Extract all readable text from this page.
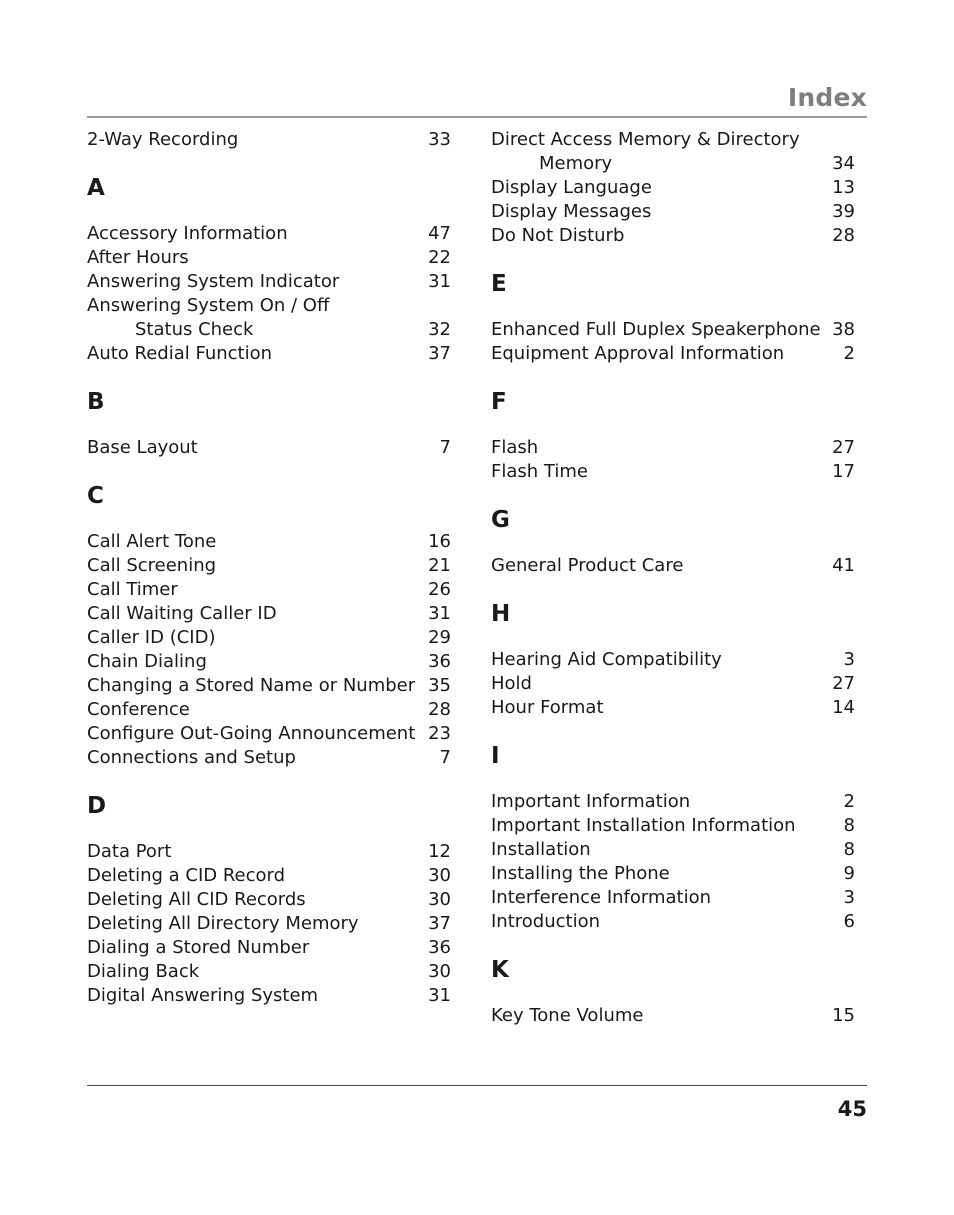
Index
2-Way Recording	33
A
Accessory Information	47
After Hours	22
Answering System Indicator	31
Answering System On / Off
Status Check	32
Auto Redial Function	37
B
Base Layout	7
C
Call Alert Tone	16
Call Screening	21
Call Timer	26
Call Waiting Caller ID	31
Caller ID (CID)	29
Chain Dialing	36
Changing a Stored Name or Number 35
Conference	28
Configure Out-Going Announcement 23
Connections and Setup	7
D
Data Port	12
Deleting a CID Record	30
Deleting All CID Records	30
Deleting All Directory Memory	37
Dialing a Stored Number	36
Dialing Back	30
Digital Answering System	31
Direct Access Memory & Directory
Memory	34
Display Language	13
Display Messages	39
Do Not Disturb	28
E
Enhanced Full Duplex Speakerphone 38
Equipment Approval Information	2
F
Flash	27
Flash Time	17
G
General Product Care	41
H
Hearing Aid Compatibility	3
Hold	27
Hour Format	14
I
Important Information	2
Important Installation Information	8
Installation	8
Installing the Phone	9
Interference Information	3
Introduction	6
K
Key Tone Volume	15
45
